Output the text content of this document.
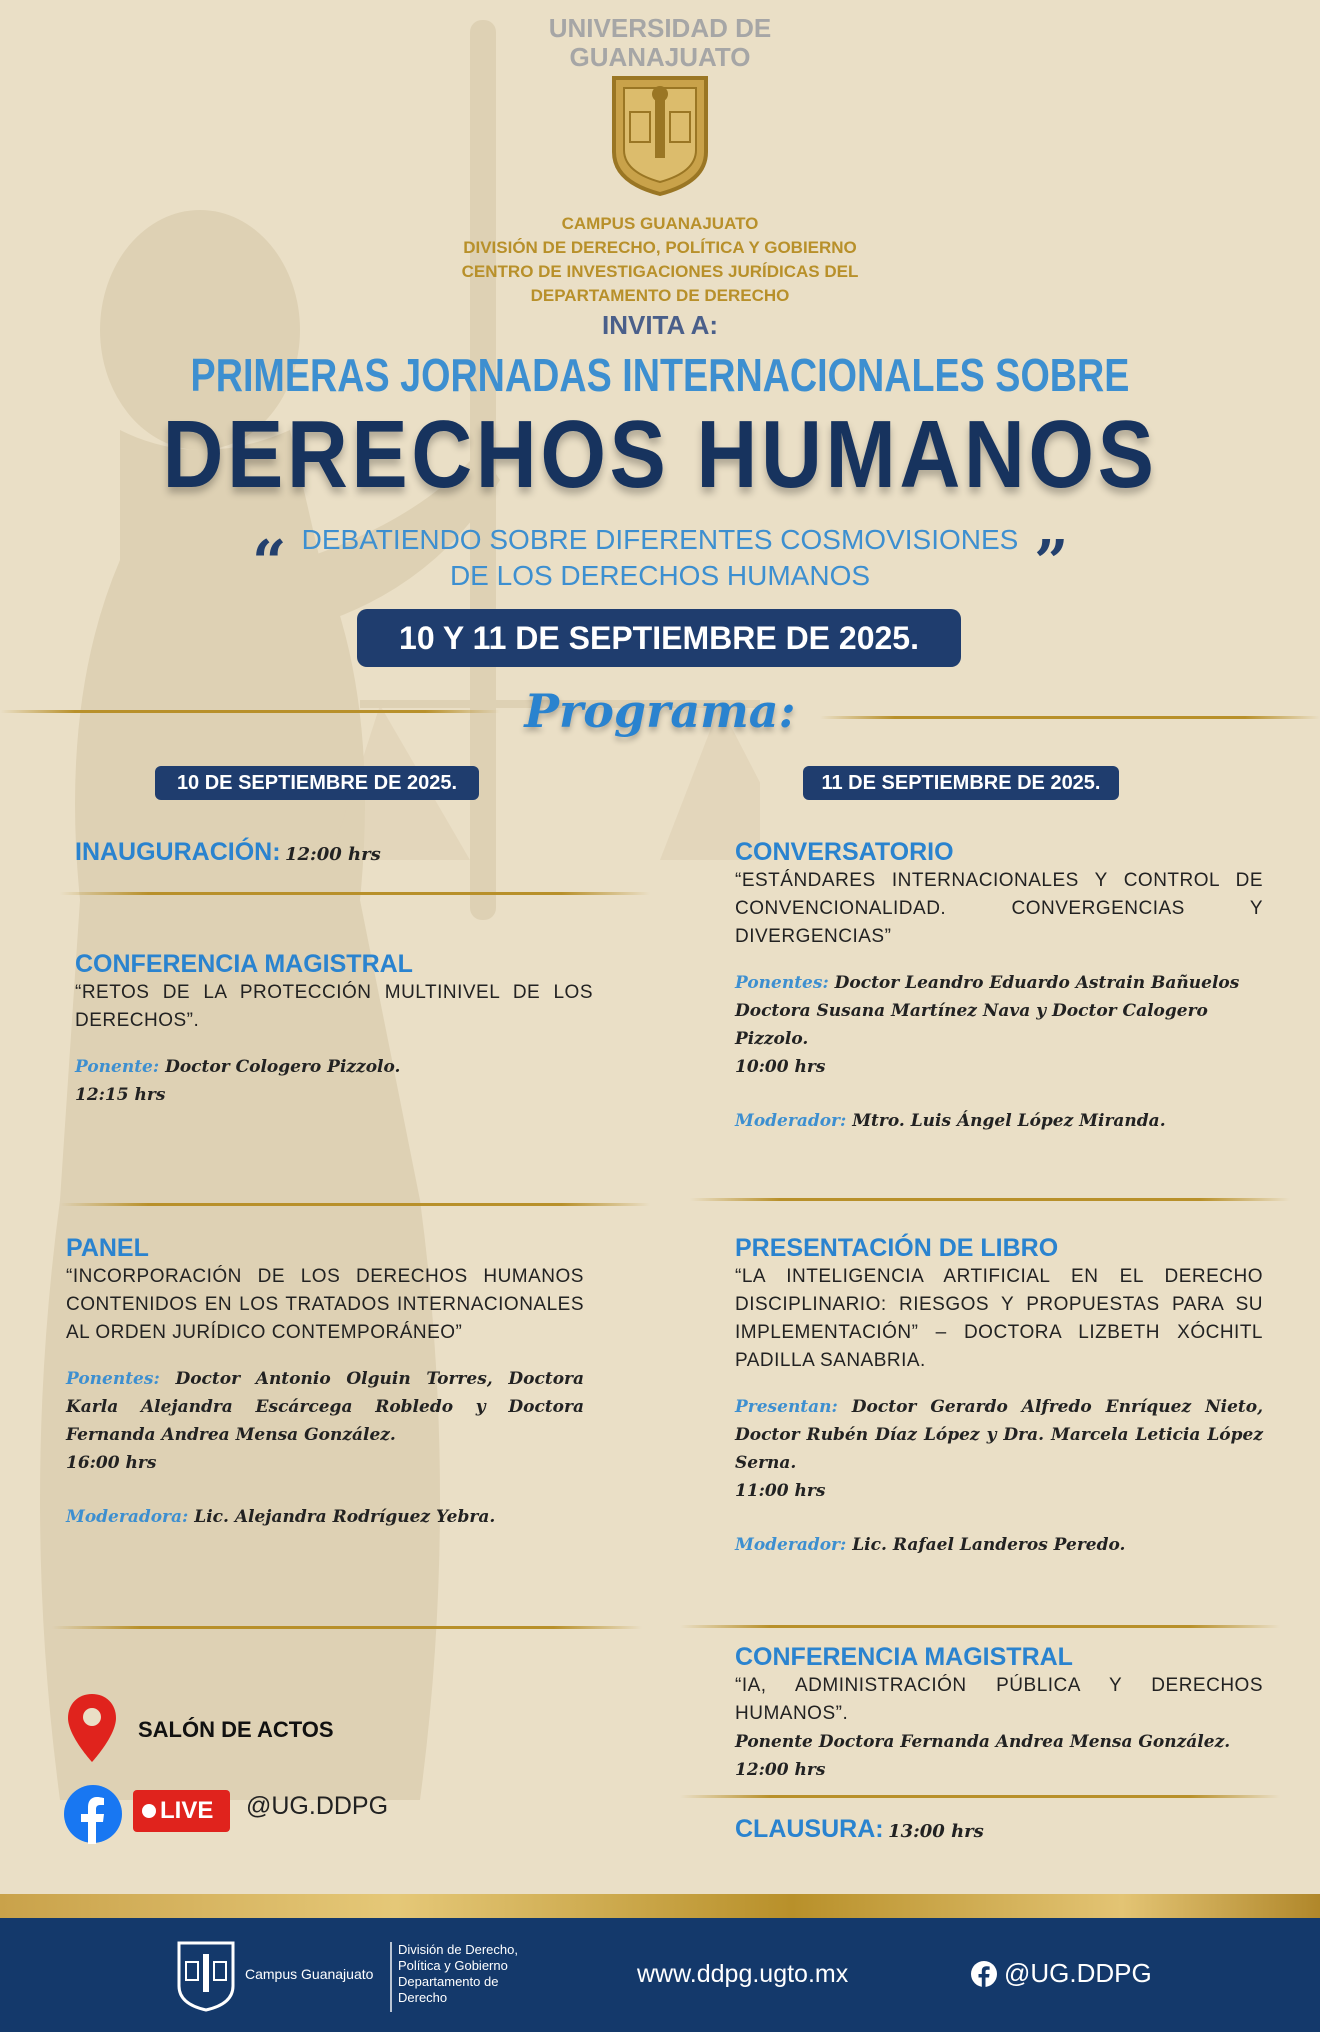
UNIVERSIDAD DE
GUANAJUATO
CAMPUS GUANAJUATO
DIVISIÓN DE DERECHO, POLÍTICA Y GOBIERNO
CENTRO DE INVESTIGACIONES JURÍDICAS DEL
DEPARTAMENTO DE DERECHO
INVITA A:
PRIMERAS JORNADAS INTERNACIONALES SOBRE
DERECHOS HUMANOS
“	”
DEBATIENDO SOBRE DIFERENTES COSMOVISIONES
DE LOS DERECHOS HUMANOS
10 Y 11 DE SEPTIEMBRE DE 2025.
Programa:
10 DE SEPTIEMBRE DE 2025.	11 DE SEPTIEMBRE DE 2025.
INAUGURACIÓN: 12:00 hrs
CONFERENCIA MAGISTRAL
“RETOS DE LA PROTECCIÓN MULTINIVEL DE LOS DERECHOS”.
Ponente: Doctor Cologero Pizzolo.
12:15 hrs
PANEL
“INCORPORACIÓN DE LOS DERECHOS HUMANOS CONTENIDOS EN LOS TRATADOS INTERNACIONALES AL ORDEN JURÍDICO CONTEMPORÁNEO”
Ponentes: Doctor Antonio Olguin Torres, Doctora Karla Alejandra Escárcega Robledo y Doctora Fernanda Andrea Mensa González.
16:00 hrs
Moderadora: Lic. Alejandra Rodríguez Yebra.
SALÓN DE ACTOS
LIVE @UG.DDPG
CONVERSATORIO
“ESTÁNDARES INTERNACIONALES Y CONTROL DE CONVENCIONALIDAD. CONVERGENCIAS Y DIVERGENCIAS”
Ponentes: Doctor Leandro Eduardo Astrain Bañuelos
Doctora Susana Martínez Nava y Doctor Calogero Pizzolo.
10:00 hrs
Moderador: Mtro. Luis Ángel López Miranda.
PRESENTACIÓN DE LIBRO
“LA INTELIGENCIA ARTIFICIAL EN EL DERECHO DISCIPLINARIO: RIESGOS Y PROPUESTAS PARA SU IMPLEMENTACIÓN” – DOCTORA LIZBETH XÓCHITL PADILLA SANABRIA.
Presentan: Doctor Gerardo Alfredo Enríquez Nieto, Doctor Rubén Díaz López y Dra. Marcela Leticia López Serna.
11:00 hrs
Moderador: Lic. Rafael Landeros Peredo.
CONFERENCIA MAGISTRAL
“IA, ADMINISTRACIÓN PÚBLICA Y DERECHOS HUMANOS”.
Ponente Doctora Fernanda Andrea Mensa González.
12:00 hrs
CLAUSURA: 13:00 hrs
Campus Guanajuato
División de Derecho,
Política y Gobierno
Departamento de
Derecho
www.ddpg.ugto.mx	@UG.DDPG
